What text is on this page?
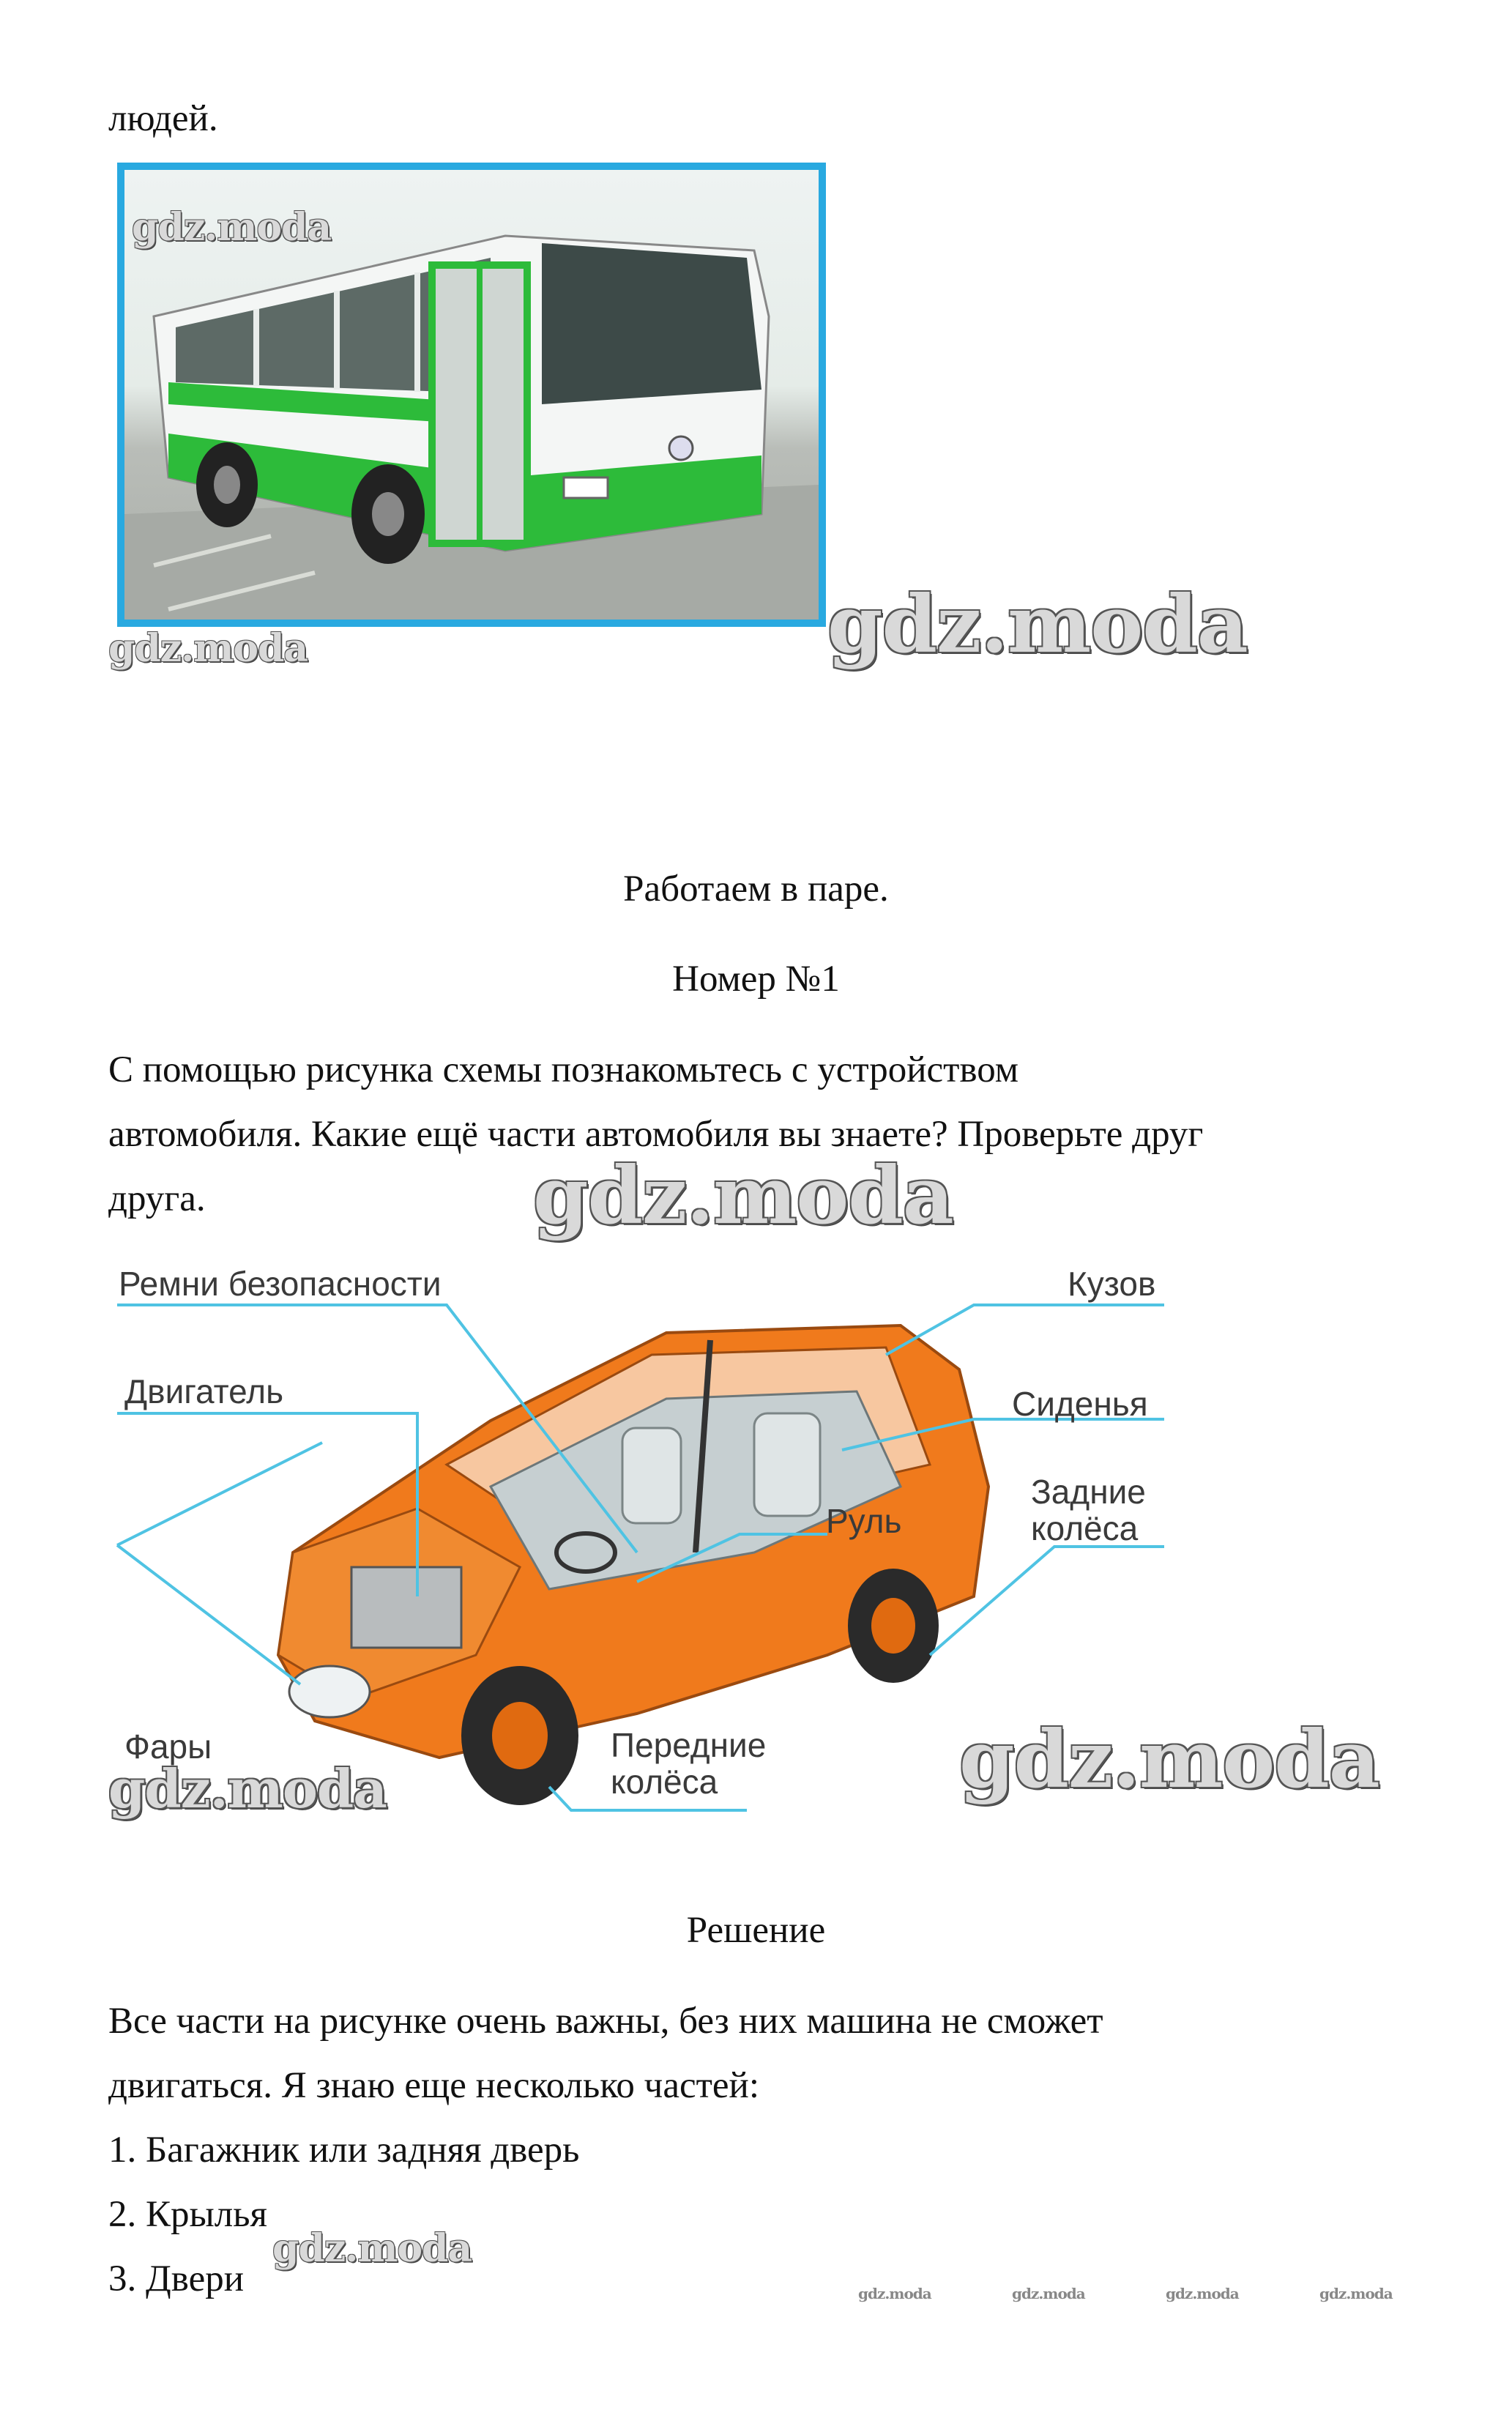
людей.
gdz.moda
gdz.moda	gdz.moda
Работаем в паре.
Номер №1
С помощью рисунка схемы познакомьтесь с устройством
автомобиля. Какие ещё части автомобиля вы знаете? Проверьте друг
друга.	gdz.moda
Ремни безопасности	Кузов
Двигатель	Сиденья
Задние
колёса
Руль
Фары	Передние
колёса
gdz.moda	gdz.moda
Решение
Все части на рисунке очень важны, без них машина не сможет
двигаться. Я знаю еще несколько частей:
1. Багажник или задняя дверь
2. Крылья
3. Двери
gdz.moda
gdz.moda	gdz.moda	gdz.moda	gdz.moda
